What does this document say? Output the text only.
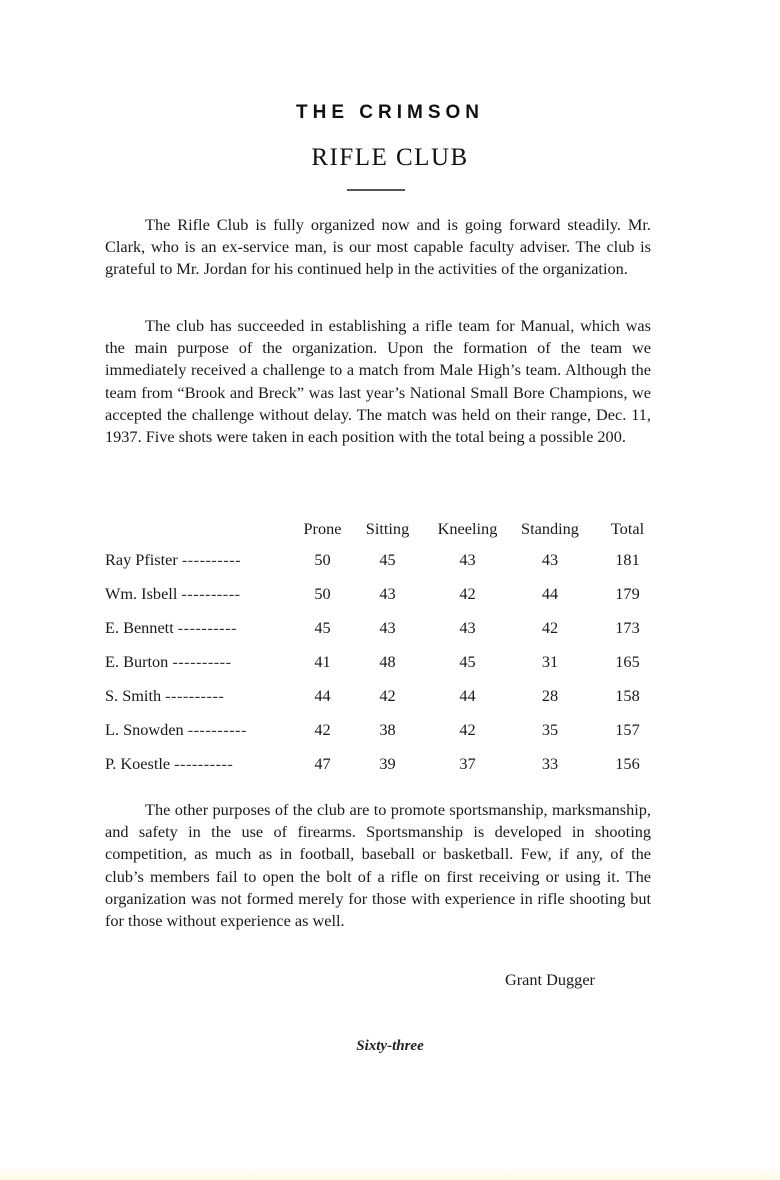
THE CRIMSON
RIFLE CLUB

The Rifle Club is fully organized now and is going forward steadily. Mr. Clark, who is an ex-service man, is our most capable faculty adviser. The club is grateful to Mr. Jordan for his continued help in the activities of the organization.

The club has succeeded in establishing a rifle team for Manual, which was the main purpose of the organization. Upon the formation of the team we immediately received a challenge to a match from Male High’s team. Although the team from “Brook and Breck” was last year’s National Small Bore Champions, we accepted the challenge without delay. The match was held on their range, Dec. 11, 1937. Five shots were taken in each position with the total being a possible 200.

	Prone	Sitting	Kneeling	Standing	Total
Ray Pfister ----------	50	45	43	43	181
Wm. Isbell ----------	50	43	42	44	179
E. Bennett ----------	45	43	43	42	173
E. Burton ----------	41	48	45	31	165
S. Smith ----------	44	42	44	28	158
L. Snowden ----------	42	38	42	35	157
P. Koestle ----------	47	39	37	33	156

The other purposes of the club are to promote sportsmanship, marksmanship, and safety in the use of firearms. Sportsmanship is developed in shooting competition, as much as in football, baseball or basketball. Few, if any, of the club’s members fail to open the bolt of a rifle on first receiving or using it. The organization was not formed merely for those with experience in rifle shooting but for those without experience as well.

Grant Dugger
Sixty-three
